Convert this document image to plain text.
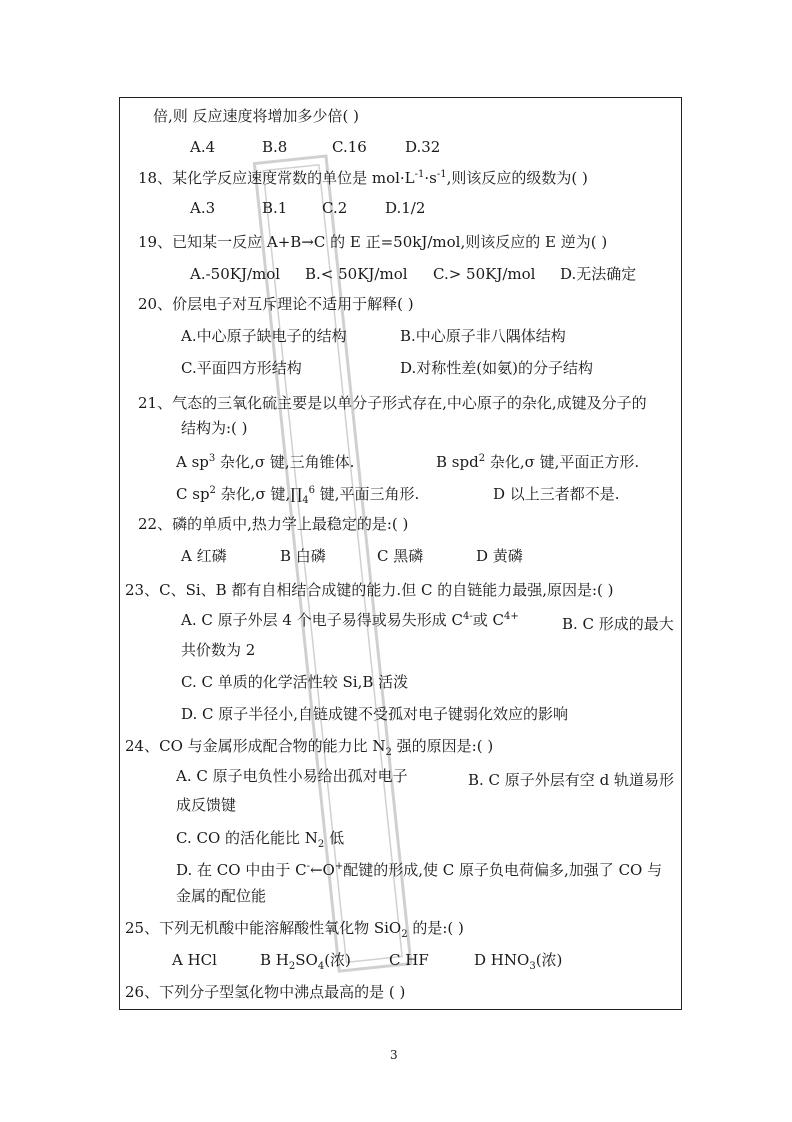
倍,则 反应速度将增加多少倍( )
A.4	B.8	C.16	D.32
18、某化学反应速度常数的单位是 $mol\cdot L^{-1}\cdot s^{-1}$,则该反应的级数为( )
A.3	B.1 C.2	D.1/2
19、已知某一反应 A+B→C 的 E 正=50kJ/mol,则该反应的 E 逆为( )
A.-50KJ/mol B.< 50KJ/mol C.> 50KJ/mol D.无法确定
20、价层电子对互斥理论不适用于解释( )
A.中心原子缺电子的结构	B.中心原子非八隅体结构
C.平面四方形结构	D.对称性差(如氨)的分子结构
21、气态的三氧化硫主要是以单分子形式存在,中心原子的杂化,成键及分子的
结构为:( )
A $sp^3$ 杂化,σ 键,三角锥体.	B spd$^2$ 杂化,σ 键,平面正方形.
C $sp^2$ 杂化,σ 键$,\prod_4^6$ 键,平面三角形.	D 以上三者都不是.
22、磷的单质中,热力学上最稳定的是:( )
A 红磷	B 白磷	C 黑磷	D 黄磷
23、C、Si、B 都有自相结合成键的能力.但 C 的自链能力最强,原因是:( )
A. C 原子外层 4 个电子易得或易失形成 $C^{4-}$或 $C^{4+}$	B. C 形成的最大
共价数为 2
C. C 单质的化学活性较 Si,B 活泼
D. C 原子半径小,自链成键不受孤对电子键弱化效应的影响
24、CO 与金属形成配合物的能力比 $N_2$ 强的原因是:( )
A. C 原子电负性小易给出孤对电子	B. C 原子外层有空 d 轨道易形
成反馈键
C. CO 的活化能比 $N_2$ 低
D. 在 CO 中由于 C-←O+配键的形成,使 C 原子负电荷偏多,加强了 CO 与
金属的配位能
25、下列无机酸中能溶解酸性氧化物 SiO$_2$ 的是:( )
A HCl	B $H_2SO_4$(浓)	C HF	D $HNO_3$(浓)
26、下列分子型氢化物中沸点最高的是 ( )
3
